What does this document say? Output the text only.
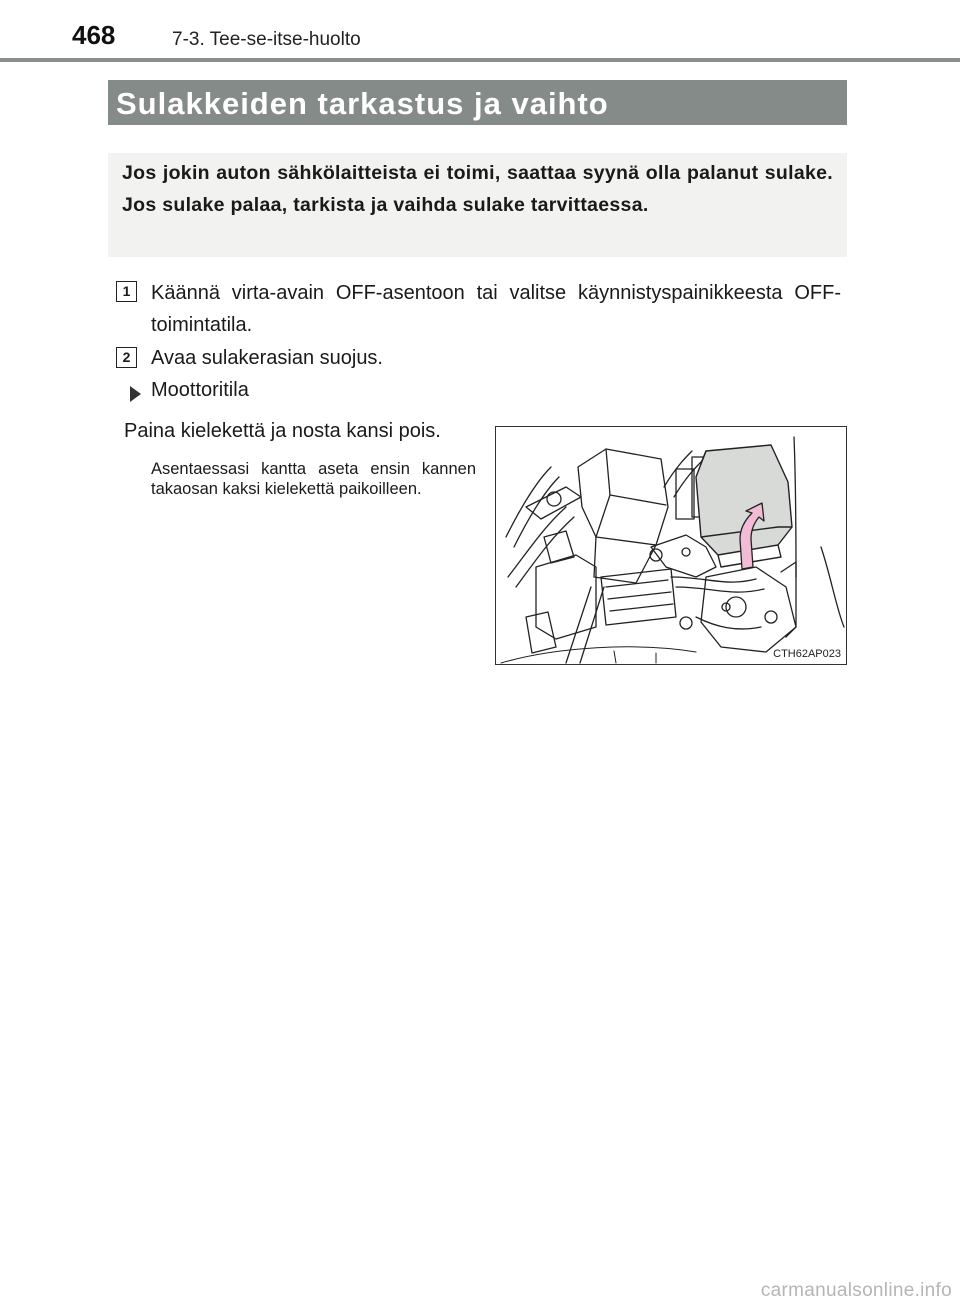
468	7-3. Tee-se-itse-huolto
Sulakkeiden tarkastus ja vaihto
Jos jokin auton sähkölaitteista ei toimi, saattaa syynä olla palanut sulake. Jos sulake palaa, tarkista ja vaihda sulake tarvittaessa.
1	Käännä virta-avain OFF-asentoon tai valitse käynnistyspainikkeesta OFF-toimintatila.
2	Avaa sulakerasian suojus.
Moottoritila
Paina kielekettä ja nosta kansi pois.
Asentaessasi kantta aseta ensin kannen takaosan kaksi kielekettä paikoilleen.
CTH62AP023
carmanualsonline.info
